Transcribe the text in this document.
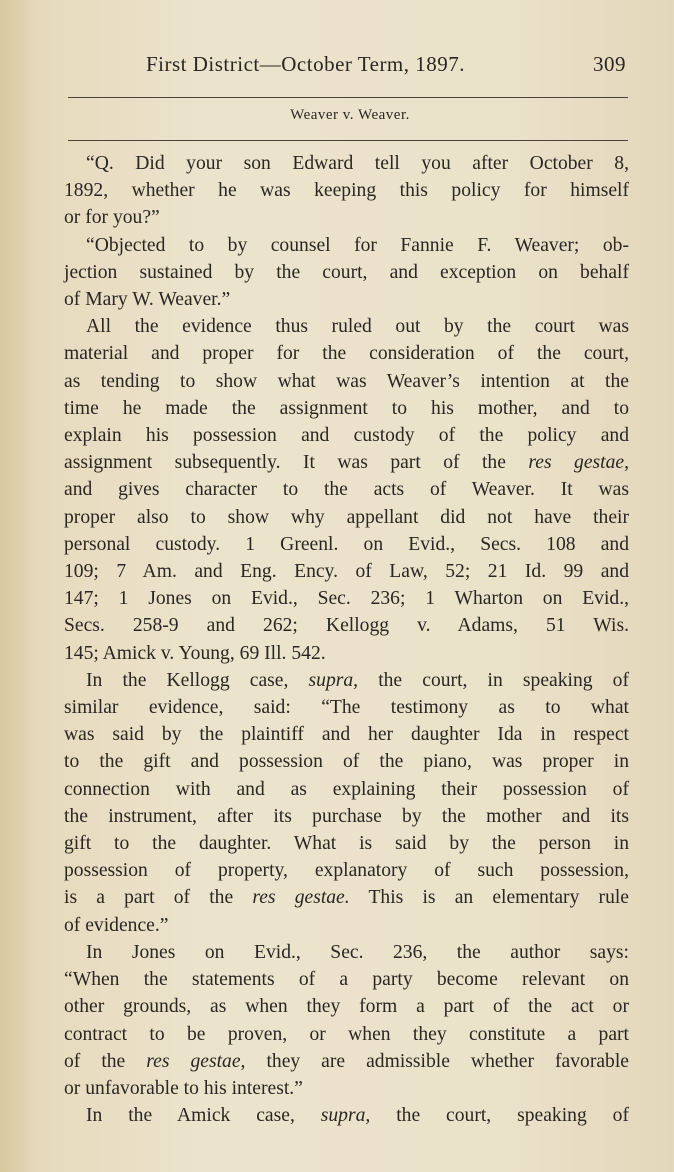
First District—October Term, 1897.	309
Weaver v. Weaver.
“Q. Did your son Edward tell you after October 8,
1892, whether he was keeping this policy for himself
or for you?”
“Objected to by counsel for Fannie F. Weaver; ob-
jection sustained by the court, and exception on behalf
of Mary W. Weaver.”
All the evidence thus ruled out by the court was
material and proper for the consideration of the court,
as tending to show what was Weaver’s intention at the
time he made the assignment to his mother, and to
explain his possession and custody of the policy and
assignment subsequently. It was part of the res gestae,
and gives character to the acts of Weaver. It was
proper also to show why appellant did not have their
personal custody. 1 Greenl. on Evid., Secs. 108 and
109; 7 Am. and Eng. Ency. of Law, 52; 21 Id. 99 and
147; 1 Jones on Evid., Sec. 236; 1 Wharton on Evid.,
Secs. 258-9 and 262; Kellogg v. Adams, 51 Wis.
145; Amick v. Young, 69 Ill. 542.
In the Kellogg case, supra, the court, in speaking of
similar evidence, said: “The testimony as to what
was said by the plaintiff and her daughter Ida in respect
to the gift and possession of the piano, was proper in
connection with and as explaining their possession of
the instrument, after its purchase by the mother and its
gift to the daughter. What is said by the person in
possession of property, explanatory of such possession,
is a part of the res gestae. This is an elementary rule
of evidence.”
In Jones on Evid., Sec. 236, the author says:
“When the statements of a party become relevant on
other grounds, as when they form a part of the act or
contract to be proven, or when they constitute a part
of the res gestae, they are admissible whether favorable
or unfavorable to his interest.”
In the Amick case, supra, the court, speaking of
